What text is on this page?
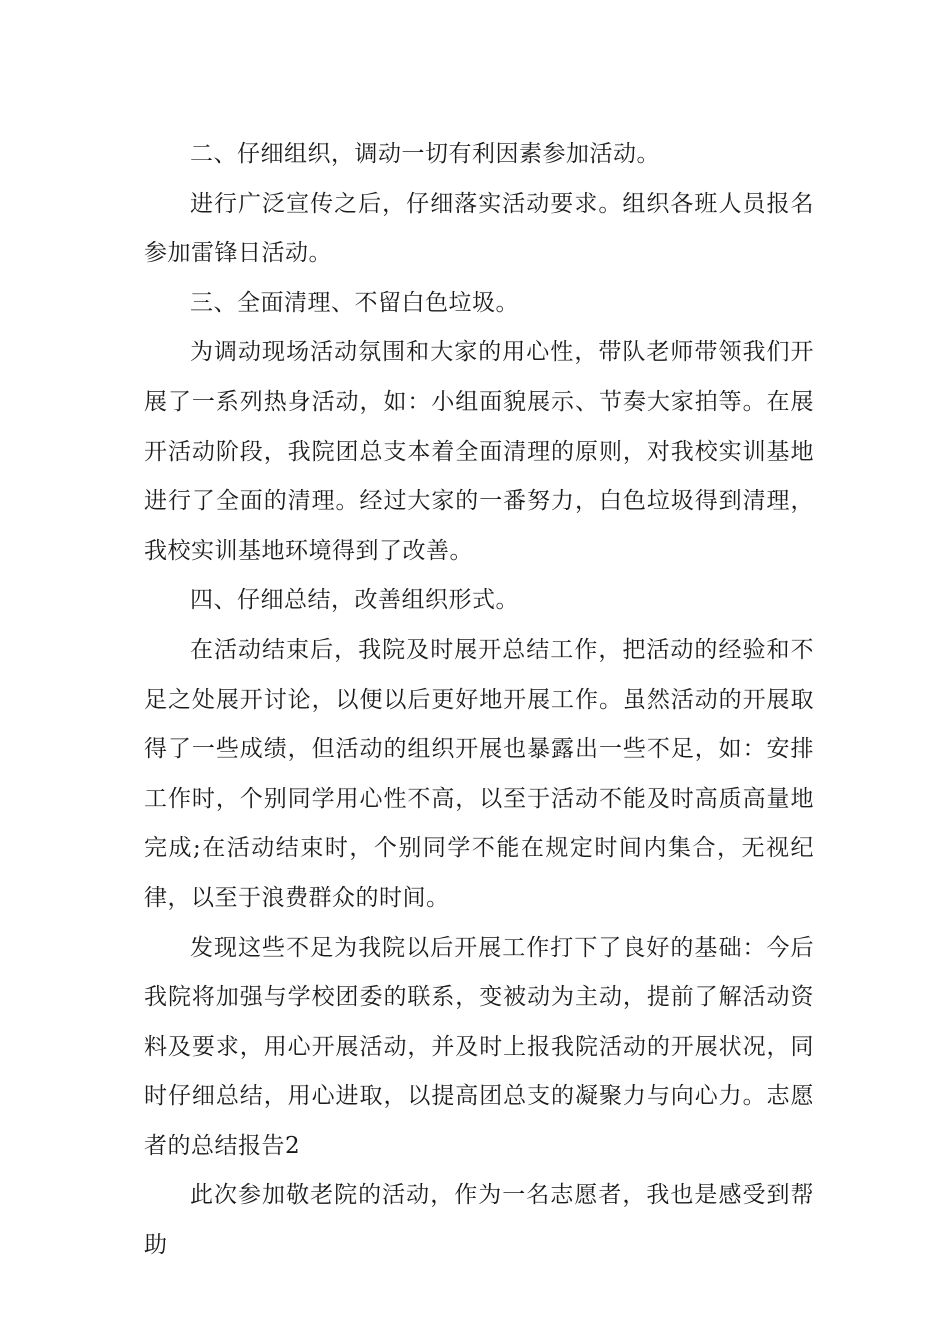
二、仔细组织，调动一切有利因素参加活动。

进行广泛宣传之后，仔细落实活动要求。组织各班人员报名参加雷锋日活动。

三、全面清理、不留白色垃圾。

为调动现场活动氛围和大家的用心性，带队老师带领我们开展了一系列热身活动，如：小组面貌展示、节奏大家拍等。在展开活动阶段，我院团总支本着全面清理的原则，对我校实训基地进行了全面的清理。经过大家的一番努力，白色垃圾得到清理，我校实训基地环境得到了改善。

四、仔细总结，改善组织形式。

在活动结束后，我院及时展开总结工作，把活动的经验和不足之处展开讨论，以便以后更好地开展工作。虽然活动的开展取得了一些成绩，但活动的组织开展也暴露出一些不足，如：安排工作时，个别同学用心性不高，以至于活动不能及时高质高量地完成;在活动结束时，个别同学不能在规定时间内集合，无视纪律，以至于浪费群众的时间。

发现这些不足为我院以后开展工作打下了良好的基础：今后我院将加强与学校团委的联系，变被动为主动，提前了解活动资料及要求，用心开展活动，并及时上报我院活动的开展状况，同时仔细总结，用心进取，以提高团总支的凝聚力与向心力。志愿者的总结报告2

此次参加敬老院的活动，作为一名志愿者，我也是感受到帮助
